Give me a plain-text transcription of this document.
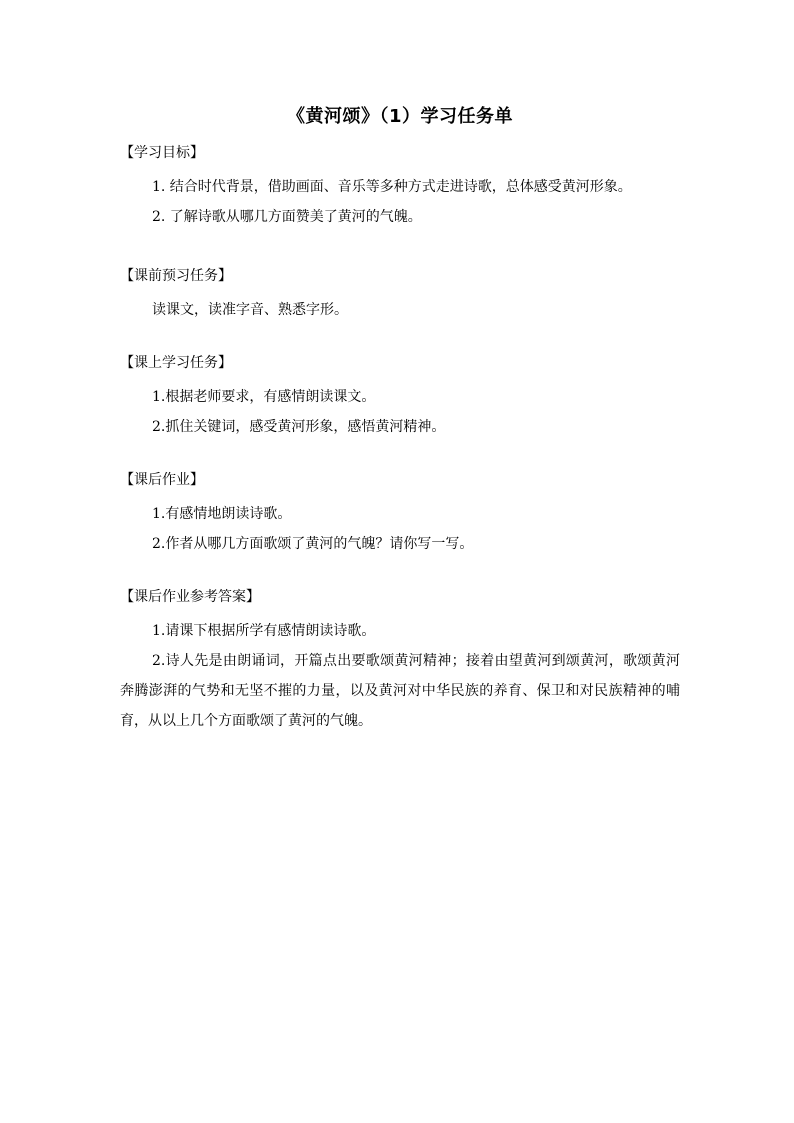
《黄河颂》（1）学习任务单
【学习目标】

1. 结合时代背景，借助画面、音乐等多种方式走进诗歌，总体感受黄河形象。

2. 了解诗歌从哪几方面赞美了黄河的气魄。

【课前预习任务】

读课文，读准字音、熟悉字形。

【课上学习任务】

1.根据老师要求，有感情朗读课文。

2.抓住关键词，感受黄河形象，感悟黄河精神。

【课后作业】

1.有感情地朗读诗歌。

2.作者从哪几方面歌颂了黄河的气魄？请你写一写。

【课后作业参考答案】

1.请课下根据所学有感情朗读诗歌。

2.诗人先是由朗诵词，开篇点出要歌颂黄河精神；接着由望黄河到颂黄河，歌颂黄河奔腾澎湃的气势和无坚不摧的力量，以及黄河对中华民族的养育、保卫和对民族精神的哺育，从以上几个方面歌颂了黄河的气魄。
